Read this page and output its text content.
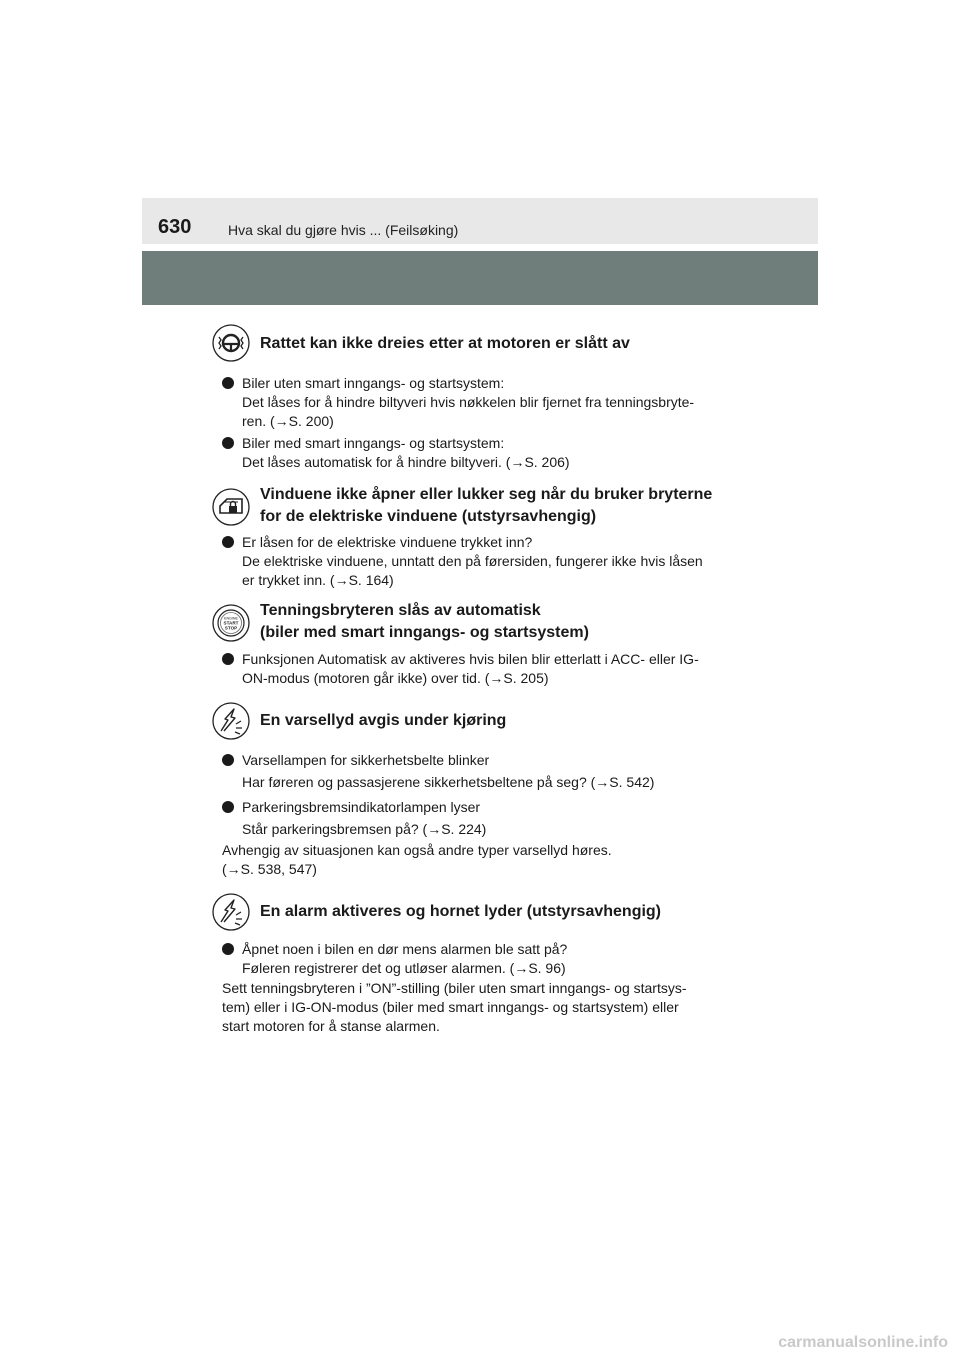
630	Hva skal du gjøre hvis ... (Feilsøking)
Rattet kan ikke dreies etter at motoren er slått av
Biler uten smart inngangs- og startsystem:
Det låses for å hindre biltyveri hvis nøkkelen blir fjernet fra tenningsbryte-
ren. (→S. 200)
Biler med smart inngangs- og startsystem:
Det låses automatisk for å hindre biltyveri. (→S. 206)
Vinduene ikke åpner eller lukker seg når du bruker bryterne
for de elektriske vinduene (utstyrsavhengig)
Er låsen for de elektriske vinduene trykket inn?
De elektriske vinduene, unntatt den på førersiden, fungerer ikke hvis låsen
er trykket inn. (→S. 164)
ENGINE
START
STOP
Tenningsbryteren slås av automatisk
(biler med smart inngangs- og startsystem)
Funksjonen Automatisk av aktiveres hvis bilen blir etterlatt i ACC- eller IG-
ON-modus (motoren går ikke) over tid. (→S. 205)
En varsellyd avgis under kjøring
Varsellampen for sikkerhetsbelte blinker
Har føreren og passasjerene sikkerhetsbeltene på seg? (→S. 542)
Parkeringsbremsindikatorlampen lyser
Står parkeringsbremsen på? (→S. 224)
Avhengig av situasjonen kan også andre typer varsellyd høres.
(→S. 538, 547)
En alarm aktiveres og hornet lyder (utstyrsavhengig)
Åpnet noen i bilen en dør mens alarmen ble satt på?
Føleren registrerer det og utløser alarmen. (→S. 96)
Sett tenningsbryteren i ”ON”-stilling (biler uten smart inngangs- og startsys-
tem) eller i IG-ON-modus (biler med smart inngangs- og startsystem) eller
start motoren for å stanse alarmen.
carmanualsonline.info
